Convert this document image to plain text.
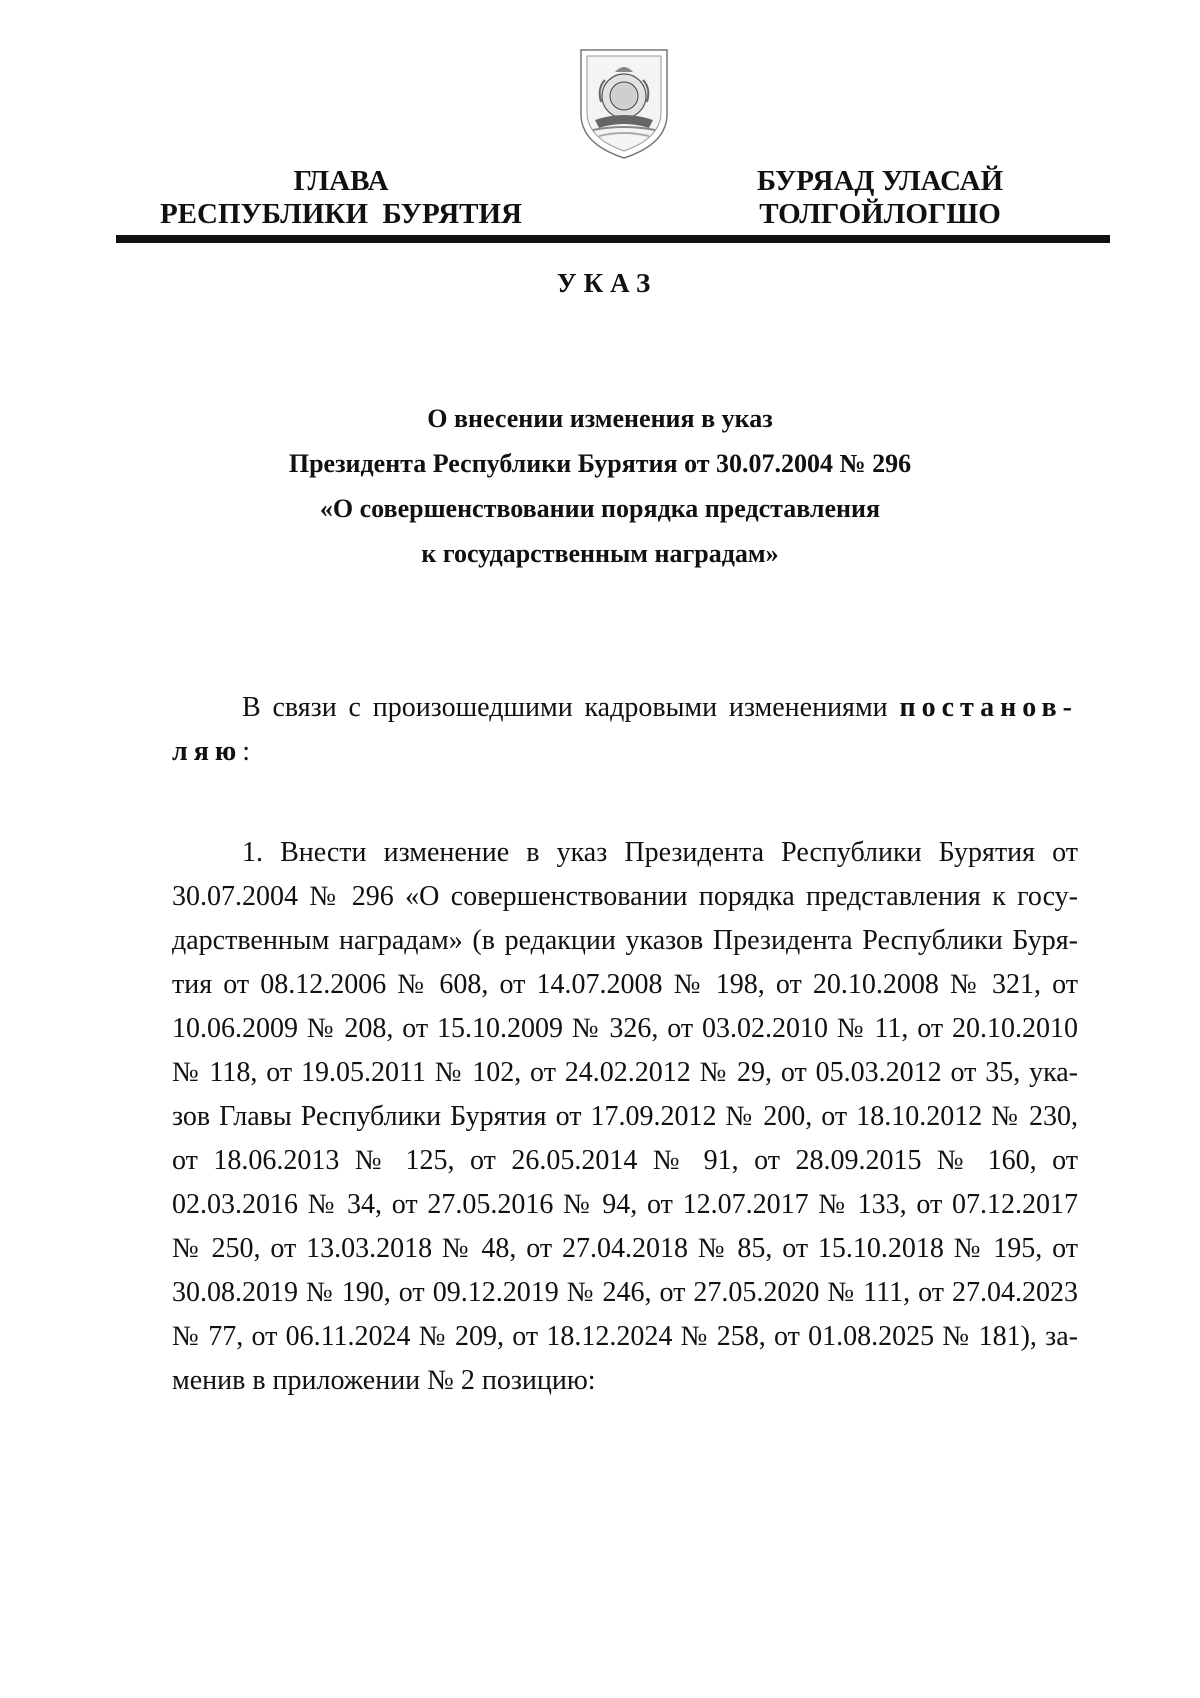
ГЛАВА
РЕСПУБЛИКИ  БУРЯТИЯ
БУРЯАД УЛАСАЙ
ТОЛГОЙЛОГШО
УКАЗ
О внесении изменения в указ
Президента Республики Бурятия от 30.07.2004 № 296
«О совершенствовании порядка представления
к государственным наградам»
В связи с произошедшими кадровыми изменениями постанов-
ляю:
1. Внести изменение в указ Президента Республики Бурятия от
30.07.2004 № 296 «О совершенствовании порядка представления к госу-
дарственным наградам» (в редакции указов Президента Республики Буря-
тия от 08.12.2006 № 608, от 14.07.2008 № 198, от 20.10.2008 № 321, от
10.06.2009 № 208, от 15.10.2009 № 326, от 03.02.2010 № 11, от 20.10.2010
№ 118, от 19.05.2011 № 102, от 24.02.2012 № 29, от 05.03.2012 от 35, ука-
зов Главы Республики Бурятия от 17.09.2012 № 200, от 18.10.2012 № 230,
от 18.06.2013 № 125, от 26.05.2014 № 91, от 28.09.2015 № 160, от
02.03.2016 № 34, от 27.05.2016 № 94, от 12.07.2017 № 133, от 07.12.2017
№ 250, от 13.03.2018 № 48, от 27.04.2018 № 85, от 15.10.2018 № 195, от
30.08.2019 № 190, от 09.12.2019 № 246, от 27.05.2020 № 111, от 27.04.2023
№ 77, от 06.11.2024 № 209, от 18.12.2024 № 258, от 01.08.2025 № 181), за-
менив в приложении № 2 позицию:
